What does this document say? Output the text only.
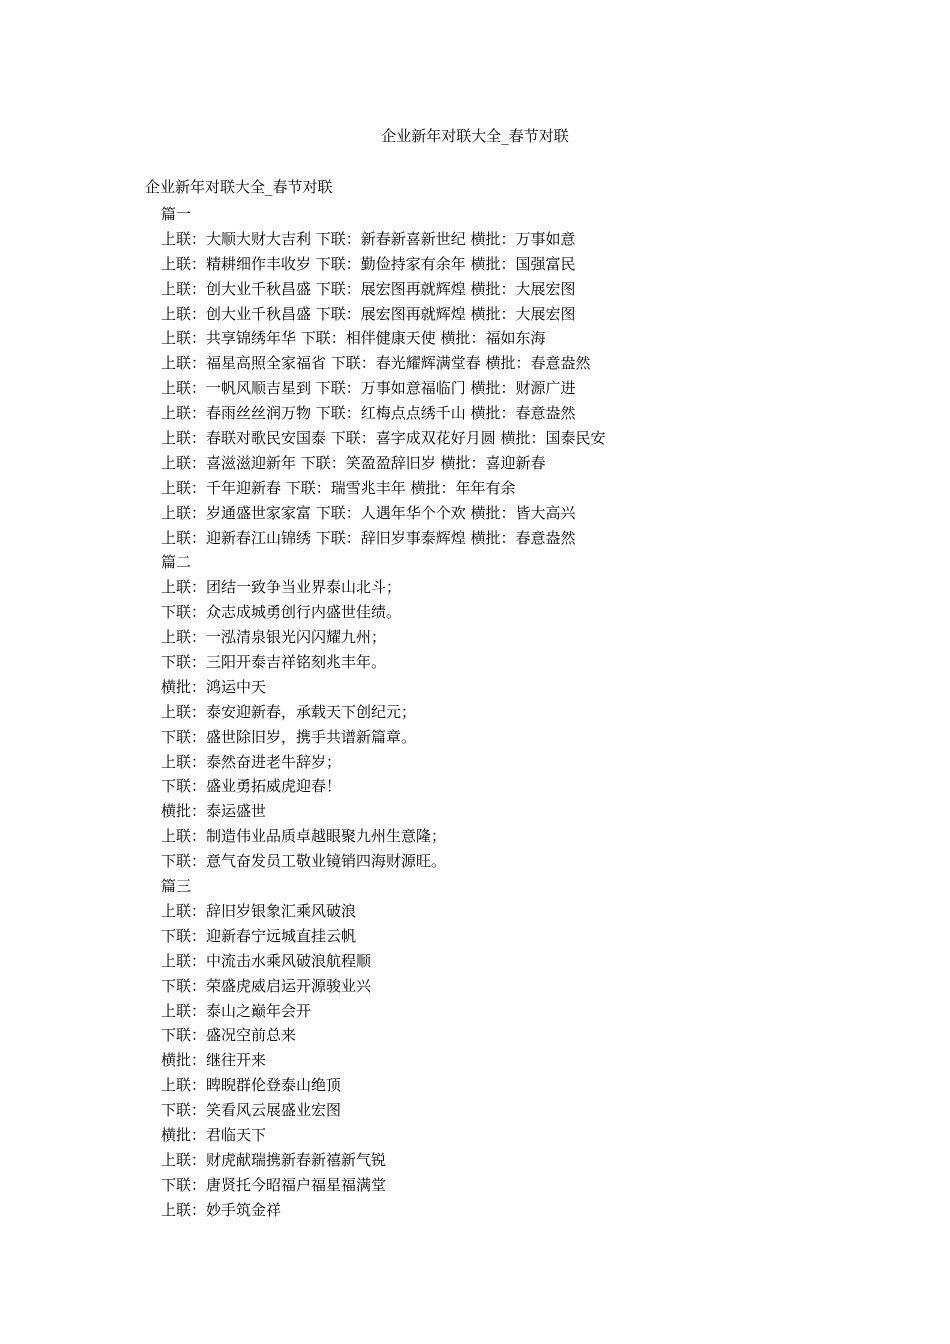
企业新年对联大全_春节对联
企业新年对联大全_春节对联
篇一
上联：大顺大财大吉利 下联：新春新喜新世纪 横批：万事如意
上联：精耕细作丰收岁 下联：勤俭持家有余年 横批：国强富民
上联：创大业千秋昌盛 下联：展宏图再就辉煌 横批：大展宏图
上联：创大业千秋昌盛 下联：展宏图再就辉煌 横批：大展宏图
上联：共享锦绣年华 下联：相伴健康天使 横批：福如东海
上联：福星高照全家福省 下联：春光耀辉满堂春 横批：春意盎然
上联：一帆风顺吉星到 下联：万事如意福临门 横批：财源广进
上联：春雨丝丝润万物 下联：红梅点点绣千山 横批：春意盎然
上联：春联对歌民安国泰 下联：喜字成双花好月圆 横批：国泰民安
上联：喜滋滋迎新年 下联：笑盈盈辞旧岁 横批：喜迎新春
上联：千年迎新春 下联：瑞雪兆丰年 横批：年年有余
上联：岁通盛世家家富 下联：人遇年华个个欢 横批：皆大高兴
上联：迎新春江山锦绣 下联：辞旧岁事泰辉煌 横批：春意盎然
篇二
上联：团结一致争当业界泰山北斗；
下联：众志成城勇创行内盛世佳绩。
上联：一泓清泉银光闪闪耀九州；
下联：三阳开泰吉祥铭刻兆丰年。
横批：鸿运中天
上联：泰安迎新春，承载天下创纪元；
下联：盛世除旧岁，携手共谱新篇章。
上联：泰然奋进老牛辞岁；
下联：盛业勇拓威虎迎春！
横批：泰运盛世
上联：制造伟业品质卓越眼聚九州生意隆；
下联：意气奋发员工敬业镜销四海财源旺。
篇三
上联：辞旧岁银象汇乘风破浪
下联：迎新春宁远城直挂云帆
上联：中流击水乘风破浪航程顺
下联：荣盛虎威启运开源骏业兴
上联：泰山之巅年会开
下联：盛况空前总来
横批：继往开来
上联：睥睨群伦登泰山绝顶
下联：笑看风云展盛业宏图
横批：君临天下
上联：财虎献瑞携新春新禧新气锐
下联：唐贤托今昭福户福星福满堂
上联：妙手筑金祥
